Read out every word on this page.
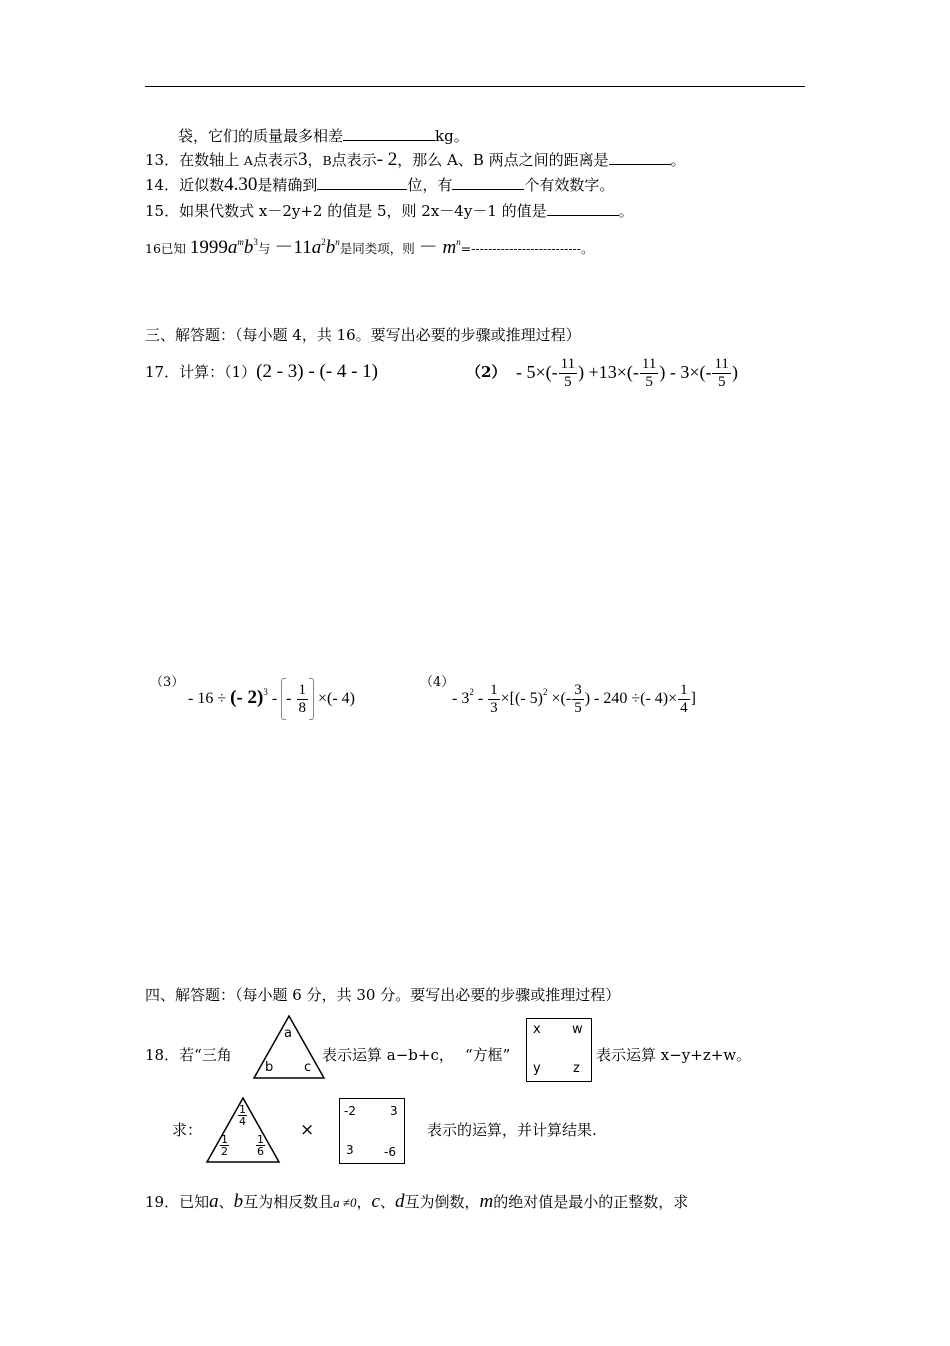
袋，它们的质量最多相差	kg。
13．在数轴上 A点表示3，B点表示- 2，那么 A、B 两点之间的距离是	。
14．近似数4.30是精确到	位，有	个有效数字。
15．如果代数式 x－2y+2 的值是 5，则 2x－4y－1 的值是	。
16已知 $1999a^mb^3$与 $-11a^2b^n$是同类项，则 － $m^n=--------------------------$。
三、解答题：（每小题 4，共 16。要写出必要的步骤或推理过程）
17．计算：（1）(2 - 3) - (- 4 - 1)	$(2) - 5\times(- \frac{11}{5}$ ) $+13\times(- \frac{11}{5}$ ) - $3\times(- \frac{11}{5}$ )
（3）
- 16 ÷ (- 2)$^3$ - - $\frac{1}{8}$ ×(- 4)
（4）
- $3^2 - \frac{1}{3}$ ×[(- 5)$^2$ ×(- $\frac{3}{5}$ ) - 240 ÷(- $4)\times \frac{1}{4}$ ]
四、解答题：（每小题 6 分，共 30 分。要写出必要的步骤或推理过程）
18．若“三角
a
b c
表示运算 a−b+c， “方框”
x w
y z
表示运算 x−y+z+w。
求：
1
4
1
2
1
6
×
-2	3
3	-6
表示的运算，并计算结果.
19．已知a、b互为相反数且a ≠0，c、d互为倒数，m的绝对值是最小的正整数，求
